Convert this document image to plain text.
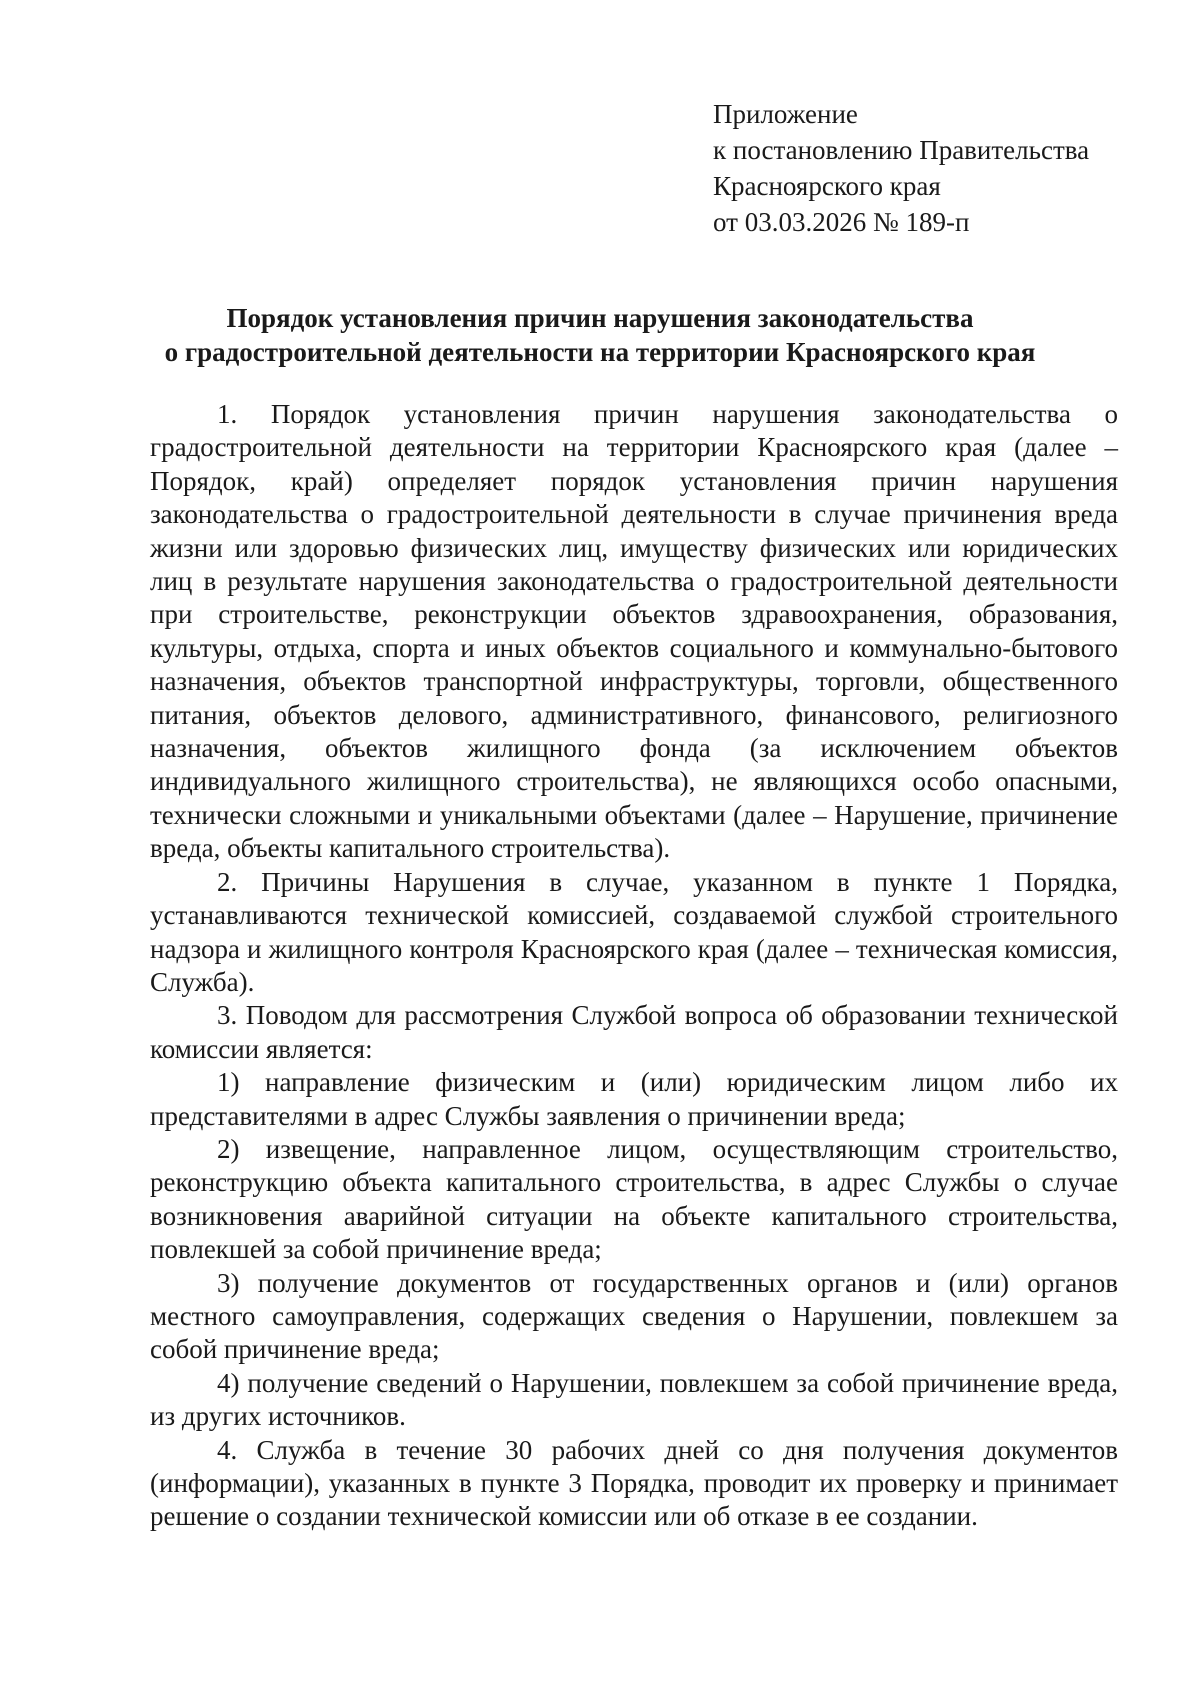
Приложение
к постановлению Правительства
Красноярского края
от 03.03.2026 № 189-п
Порядок установления причин нарушения законодательства
о градостроительной деятельности на территории Красноярского края

1. Порядок установления причин нарушения законодательства о градостроительной деятельности на территории Красноярского края (далее – Порядок, край) определяет порядок установления причин нарушения законодательства о градостроительной деятельности в случае причинения вреда жизни или здоровью физических лиц, имуществу физических или юридических лиц в результате нарушения законодательства о градостроительной деятельности при строительстве, реконструкции объектов здравоохранения, образования, культуры, отдыха, спорта и иных объектов социального и коммунально-бытового назначения, объектов транспортной инфраструктуры, торговли, общественного питания, объектов делового, административного, финансового, религиозного назначения, объектов жилищного фонда (за исключением объектов индивидуального жилищного строительства), не являющихся особо опасными, технически сложными и уникальными объектами (далее – Нарушение, причинение вреда, объекты капитального строительства).

2. Причины Нарушения в случае, указанном в пункте 1 Порядка, устанавливаются технической комиссией, создаваемой службой строительного надзора и жилищного контроля Красноярского края (далее – техническая комиссия, Служба).

3. Поводом для рассмотрения Службой вопроса об образовании технической комиссии является:

1) направление физическим и (или) юридическим лицом либо их представителями в адрес Службы заявления о причинении вреда;

2) извещение, направленное лицом, осуществляющим строительство, реконструкцию объекта капитального строительства, в адрес Службы о случае возникновения аварийной ситуации на объекте капитального строительства, повлекшей за собой причинение вреда;

3) получение документов от государственных органов и (или) органов местного самоуправления, содержащих сведения о Нарушении, повлекшем за собой причинение вреда;

4) получение сведений о Нарушении, повлекшем за собой причинение вреда, из других источников.

4. Служба в течение 30 рабочих дней со дня получения документов (информации), указанных в пункте 3 Порядка, проводит их проверку и принимает решение о создании технической комиссии или об отказе в ее создании.
